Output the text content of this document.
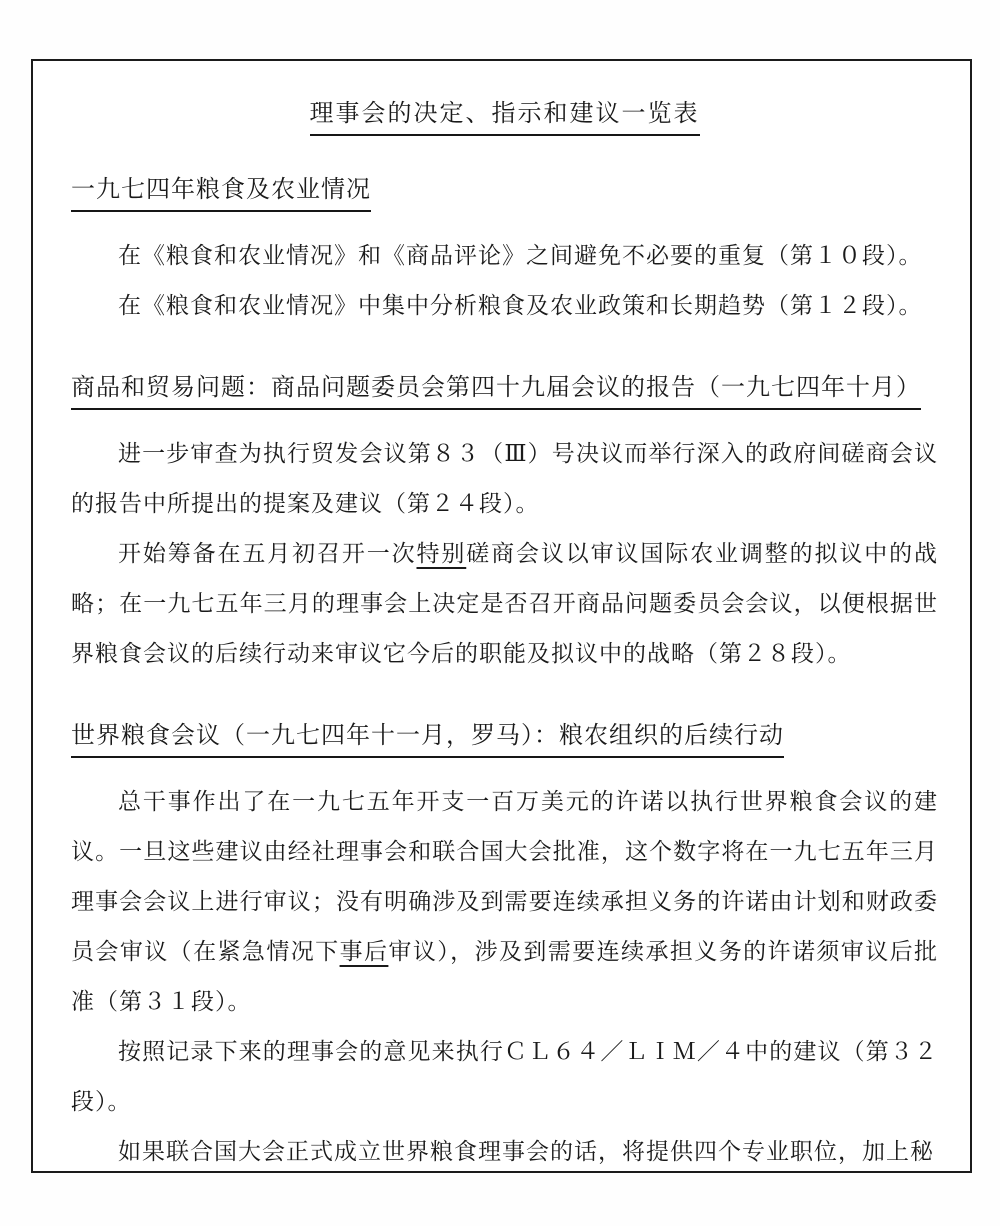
理事会的决定、指示和建议一览表
一九七四年粮食及农业情况

在《粮食和农业情况》和《商品评论》之间避免不必要的重复（第１０段）。

在《粮食和农业情况》中集中分析粮食及农业政策和长期趋势（第１２段）。

商品和贸易问题：商品问题委员会第四十九届会议的报告（一九七四年十月）

进一步审查为执行贸发会议第８３（Ⅲ）号决议而举行深入的政府间磋商会议的报告中所提出的提案及建议（第２４段）。

开始筹备在五月初召开一次特别磋商会议以审议国际农业调整的拟议中的战略；在一九七五年三月的理事会上决定是否召开商品问题委员会会议，以便根据世界粮食会议的后续行动来审议它今后的职能及拟议中的战略（第２８段）。

世界粮食会议（一九七四年十一月，罗马）：粮农组织的后续行动

总干事作出了在一九七五年开支一百万美元的许诺以执行世界粮食会议的建议。一旦这些建议由经社理事会和联合国大会批准，这个数字将在一九七五年三月理事会会议上进行审议；没有明确涉及到需要连续承担义务的许诺由计划和财政委员会审议（在紧急情况下事后审议），涉及到需要连续承担义务的许诺须审议后批准（第３１段）。

按照记录下来的理事会的意见来执行ＣＬ６４／ＬＩＭ／４中的建议（第３２段）。

如果联合国大会正式成立世界粮食理事会的话，将提供四个专业职位，加上秘
